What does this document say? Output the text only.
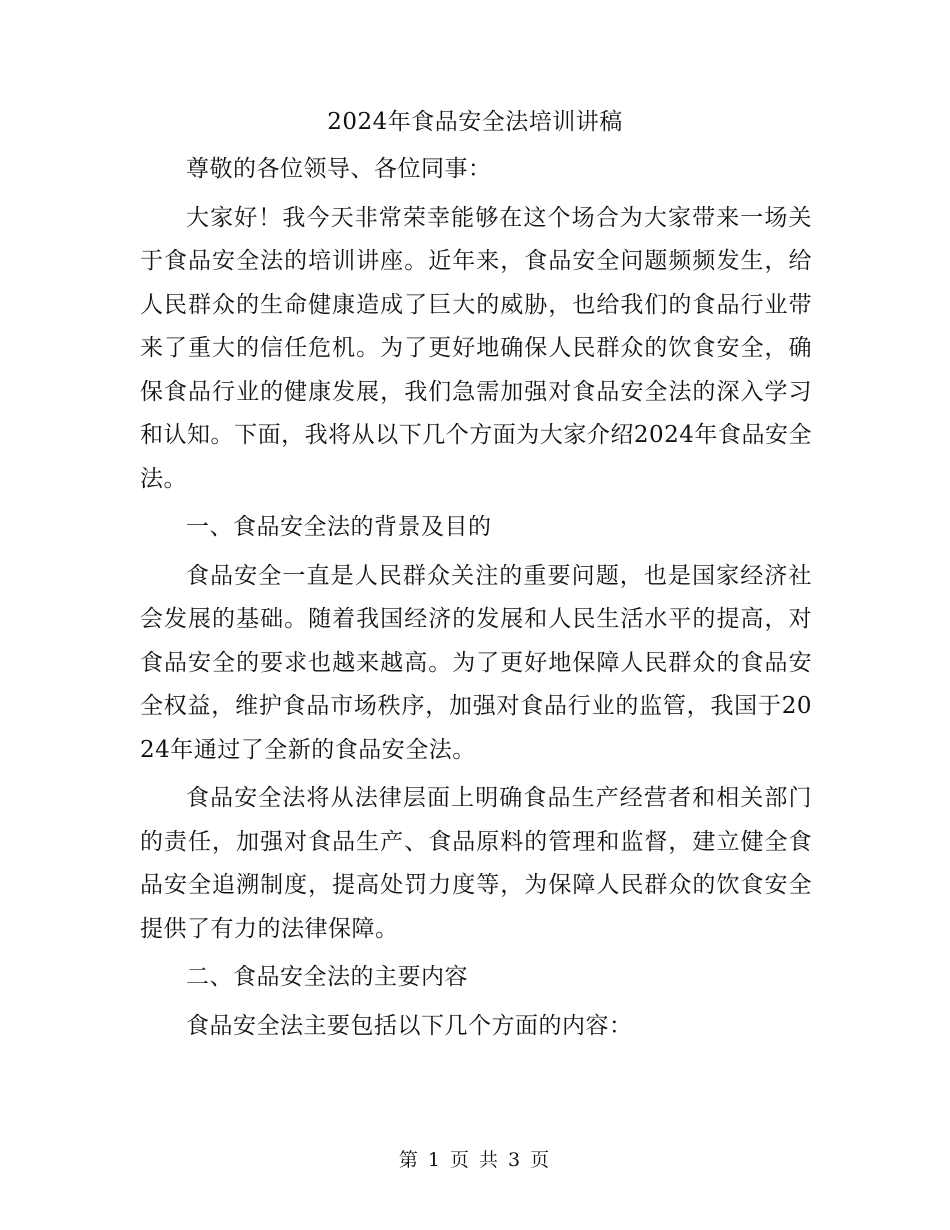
2024年食品安全法培训讲稿

尊敬的各位领导、各位同事：

大家好！我今天非常荣幸能够在这个场合为大家带来一场关于食品安全法的培训讲座。近年来，食品安全问题频频发生，给人民群众的生命健康造成了巨大的威胁，也给我们的食品行业带来了重大的信任危机。为了更好地确保人民群众的饮食安全，确保食品行业的健康发展，我们急需加强对食品安全法的深入学习和认知。下面，我将从以下几个方面为大家介绍2024年食品安全法。

一、食品安全法的背景及目的

食品安全一直是人民群众关注的重要问题，也是国家经济社会发展的基础。随着我国经济的发展和人民生活水平的提高，对食品安全的要求也越来越高。为了更好地保障人民群众的食品安全权益，维护食品市场秩序，加强对食品行业的监管，我国于2024年通过了全新的食品安全法。

食品安全法将从法律层面上明确食品生产经营者和相关部门的责任，加强对食品生产、食品原料的管理和监督，建立健全食品安全追溯制度，提高处罚力度等，为保障人民群众的饮食安全提供了有力的法律保障。

二、食品安全法的主要内容

食品安全法主要包括以下几个方面的内容：

第 1 页 共 3 页
